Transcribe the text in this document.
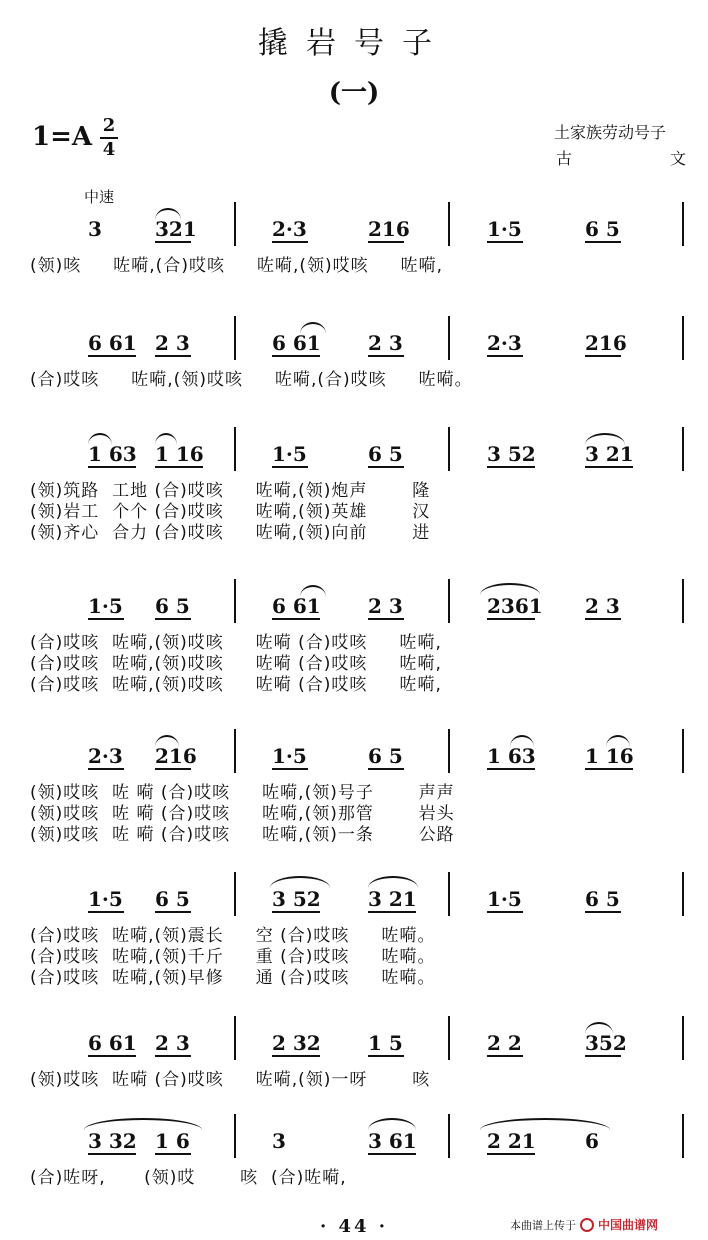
撬岩号子
(一)
1=A 2
4
土家族劳动号子
古	文
中速
3	321	2·3	216	1·5	6 5
(领)咳     咗嗬,(合)哎咳     咗嗬,(领)哎咳     咗嗬,
6 61 2 3	6 61 2 3	2·3	216
(合)哎咳     咗嗬,(领)哎咳     咗嗬,(合)哎咳     咗嗬。
1 63 1 16	1·5	6 5	3 52 3 21
(领)筑路  工地 (合)哎咳     咗嗬,(领)炮声       隆
(领)岩工  个个 (合)哎咳     咗嗬,(领)英雄       汉
(领)齐心  合力 (合)哎咳     咗嗬,(领)向前       进
1·5 6 5	6 61 2 3	2361 2 3
(合)哎咳  咗嗬,(领)哎咳     咗嗬 (合)哎咳     咗嗬,
(合)哎咳  咗嗬,(领)哎咳     咗嗬 (合)哎咳     咗嗬,
(合)哎咳  咗嗬,(领)哎咳     咗嗬 (合)哎咳     咗嗬,
2·3 216	1·5	6 5	1 63 1 16
(领)哎咳  咗 嗬 (合)哎咳     咗嗬,(领)号子       声声
(领)哎咳  咗 嗬 (合)哎咳     咗嗬,(领)那管       岩头
(领)哎咳  咗 嗬 (合)哎咳     咗嗬,(领)一条       公路
1·5 6 5	3 52 3 21	1·5	6 5
(合)哎咳  咗嗬,(领)震长     空 (合)哎咳     咗嗬。
(合)哎咳  咗嗬,(领)千斤     重 (合)哎咳     咗嗬。
(合)哎咳  咗嗬,(领)早修     通 (合)哎咳     咗嗬。
6 61 2 3	2 32 1 5	2 2	352
(领)哎咳  咗嗬 (合)哎咳     咗嗬,(领)一呀       咳
3 32 1 6	3	3 61	2 21 6
(合)咗呀,      (领)哎       咳  (合)咗嗬,
· 44 ·	本曲谱上传于 中国曲谱网
